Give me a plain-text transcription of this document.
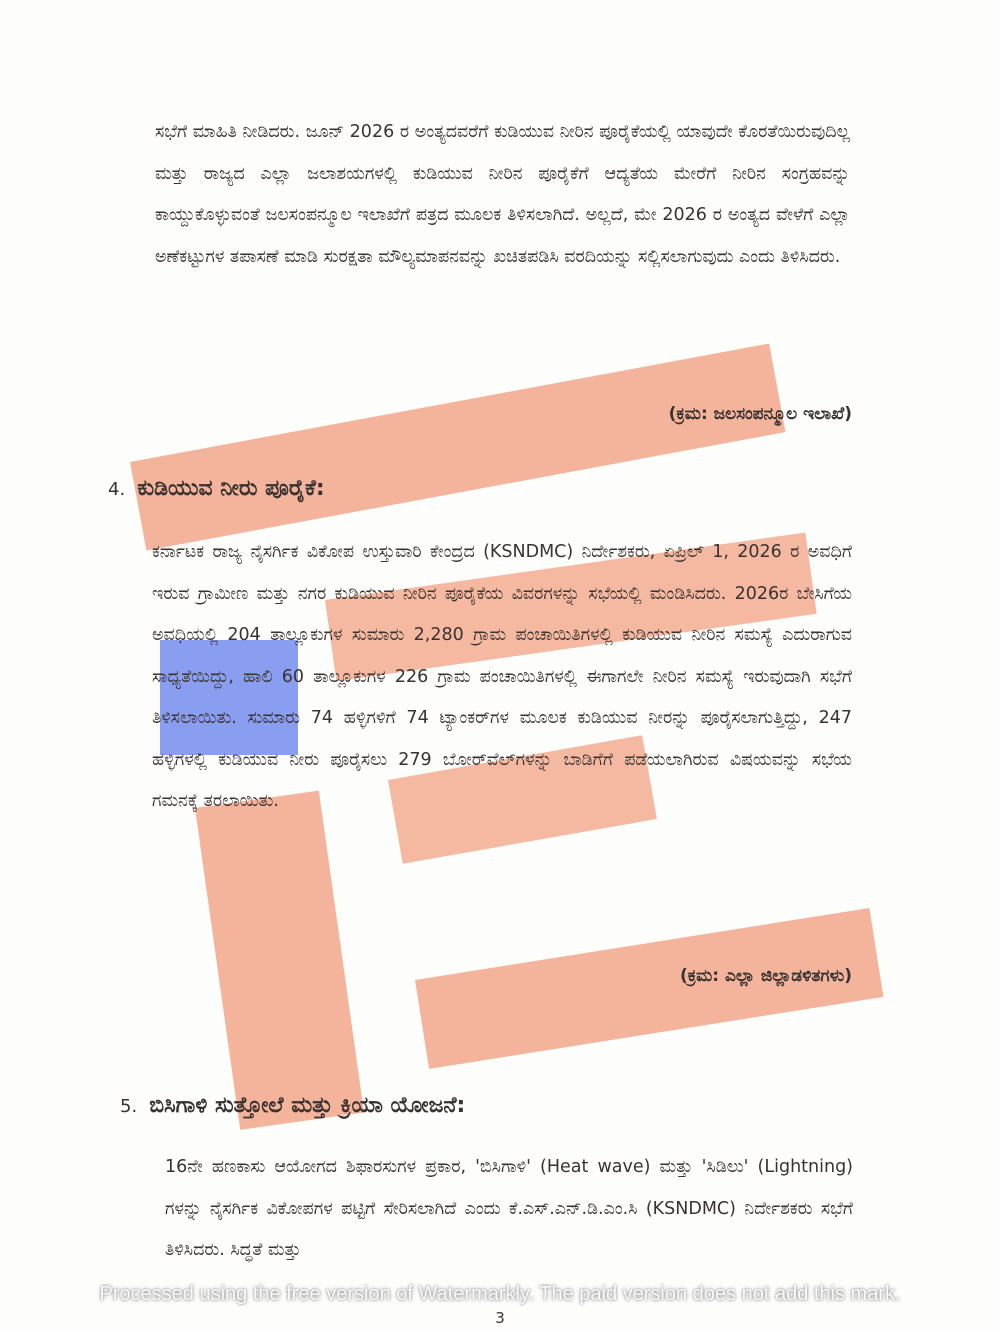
ಸಭೆಗೆ ಮಾಹಿತಿ ನೀಡಿದರು. ಜೂನ್ 2026 ರ ಅಂತ್ಯದವರೆಗೆ ಕುಡಿಯುವ ನೀರಿನ ಪೂರೈಕೆಯಲ್ಲಿ ಯಾವುದೇ ಕೊರತೆಯಿರುವುದಿಲ್ಲ ಮತ್ತು ರಾಜ್ಯದ ಎಲ್ಲಾ ಜಲಾಶಯಗಳಲ್ಲಿ ಕುಡಿಯುವ ನೀರಿನ ಪೂರೈಕೆಗೆ ಆದ್ಯತೆಯ ಮೇರೆಗೆ ನೀರಿನ ಸಂಗ್ರಹವನ್ನು ಕಾಯ್ದುಕೊಳ್ಳುವಂತೆ ಜಲಸಂಪನ್ಮೂಲ ಇಲಾಖೆಗೆ ಪತ್ರದ ಮೂಲಕ ತಿಳಿಸಲಾಗಿದೆ. ಅಲ್ಲದೆ, ಮೇ 2026 ರ ಅಂತ್ಯದ ವೇಳೆಗೆ ಎಲ್ಲಾ ಅಣೆಕಟ್ಟುಗಳ ತಪಾಸಣೆ ಮಾಡಿ ಸುರಕ್ಷತಾ ಮೌಲ್ಯಮಾಪನವನ್ನು ಖಚಿತಪಡಿಸಿ ವರದಿಯನ್ನು ಸಲ್ಲಿಸಲಾಗುವುದು ಎಂದು ತಿಳಿಸಿದರು.
(ಕ್ರಮ: ಜಲಸಂಪನ್ಮೂಲ ಇಲಾಖೆ)
4. ಕುಡಿಯುವ ನೀರು ಪೂರೈಕೆ:
ಕರ್ನಾಟಕ ರಾಜ್ಯ ನೈಸರ್ಗಿಕ ವಿಕೋಪ ಉಸ್ತುವಾರಿ ಕೇಂದ್ರದ (KSNDMC) ನಿರ್ದೇಶಕರು, ಏಪ್ರಿಲ್ 1, 2026 ರ ಅವಧಿಗೆ ಇರುವ ಗ್ರಾಮೀಣ ಮತ್ತು ನಗರ ಕುಡಿಯುವ ನೀರಿನ ಪೂರೈಕೆಯ ವಿವರಗಳನ್ನು ಸಭೆಯಲ್ಲಿ ಮಂಡಿಸಿದರು. 2026ರ ಬೇಸಿಗೆಯ ಅವಧಿಯಲ್ಲಿ 204 ತಾಲ್ಲೂಕುಗಳ ಸುಮಾರು 2,280 ಗ್ರಾಮ ಪಂಚಾಯಿತಿಗಳಲ್ಲಿ ಕುಡಿಯುವ ನೀರಿನ ಸಮಸ್ಯೆ ಎದುರಾಗುವ ಸಾಧ್ಯತೆಯಿದ್ದು, ಹಾಲಿ 60 ತಾಲ್ಲೂಕುಗಳ 226 ಗ್ರಾಮ ಪಂಚಾಯಿತಿಗಳಲ್ಲಿ ಈಗಾಗಲೇ ನೀರಿನ ಸಮಸ್ಯೆ ಇರುವುದಾಗಿ ಸಭೆಗೆ ತಿಳಿಸಲಾಯಿತು. ಸುಮಾರು 74 ಹಳ್ಳಿಗಳಿಗೆ 74 ಟ್ಯಾಂಕರ್‌ಗಳ ಮೂಲಕ ಕುಡಿಯುವ ನೀರನ್ನು ಪೂರೈಸಲಾಗುತ್ತಿದ್ದು, 247 ಹಳ್ಳಿಗಳಲ್ಲಿ ಕುಡಿಯುವ ನೀರು ಪೂರೈಸಲು 279 ಬೋರ್‌ವೆಲ್‌ಗಳನ್ನು ಬಾಡಿಗೆಗೆ ಪಡೆಯಲಾಗಿರುವ ವಿಷಯವನ್ನು ಸಭೆಯ ಗಮನಕ್ಕೆ ತರಲಾಯಿತು.
(ಕ್ರಮ: ಎಲ್ಲಾ ಜಿಲ್ಲಾಡಳಿತಗಳು)
5. ಬಿಸಿಗಾಳಿ ಸುತ್ತೋಲೆ ಮತ್ತು ಕ್ರಿಯಾ ಯೋಜನೆ:
16ನೇ ಹಣಕಾಸು ಆಯೋಗದ ಶಿಫಾರಸುಗಳ ಪ್ರಕಾರ, 'ಬಿಸಿಗಾಳಿ' (Heat wave) ಮತ್ತು 'ಸಿಡಿಲು' (Lightning) ಗಳನ್ನು ನೈಸರ್ಗಿಕ ವಿಕೋಪಗಳ ಪಟ್ಟಿಗೆ ಸೇರಿಸಲಾಗಿದೆ ಎಂದು ಕೆ.ಎಸ್.ಎನ್.ಡಿ.ಎಂ.ಸಿ (KSNDMC) ನಿರ್ದೇಶಕರು ಸಭೆಗೆ ತಿಳಿಸಿದರು. ಸಿದ್ಧತೆ ಮತ್ತು
Processed using the free version of Watermarkly. The paid version does not add this mark.
3
